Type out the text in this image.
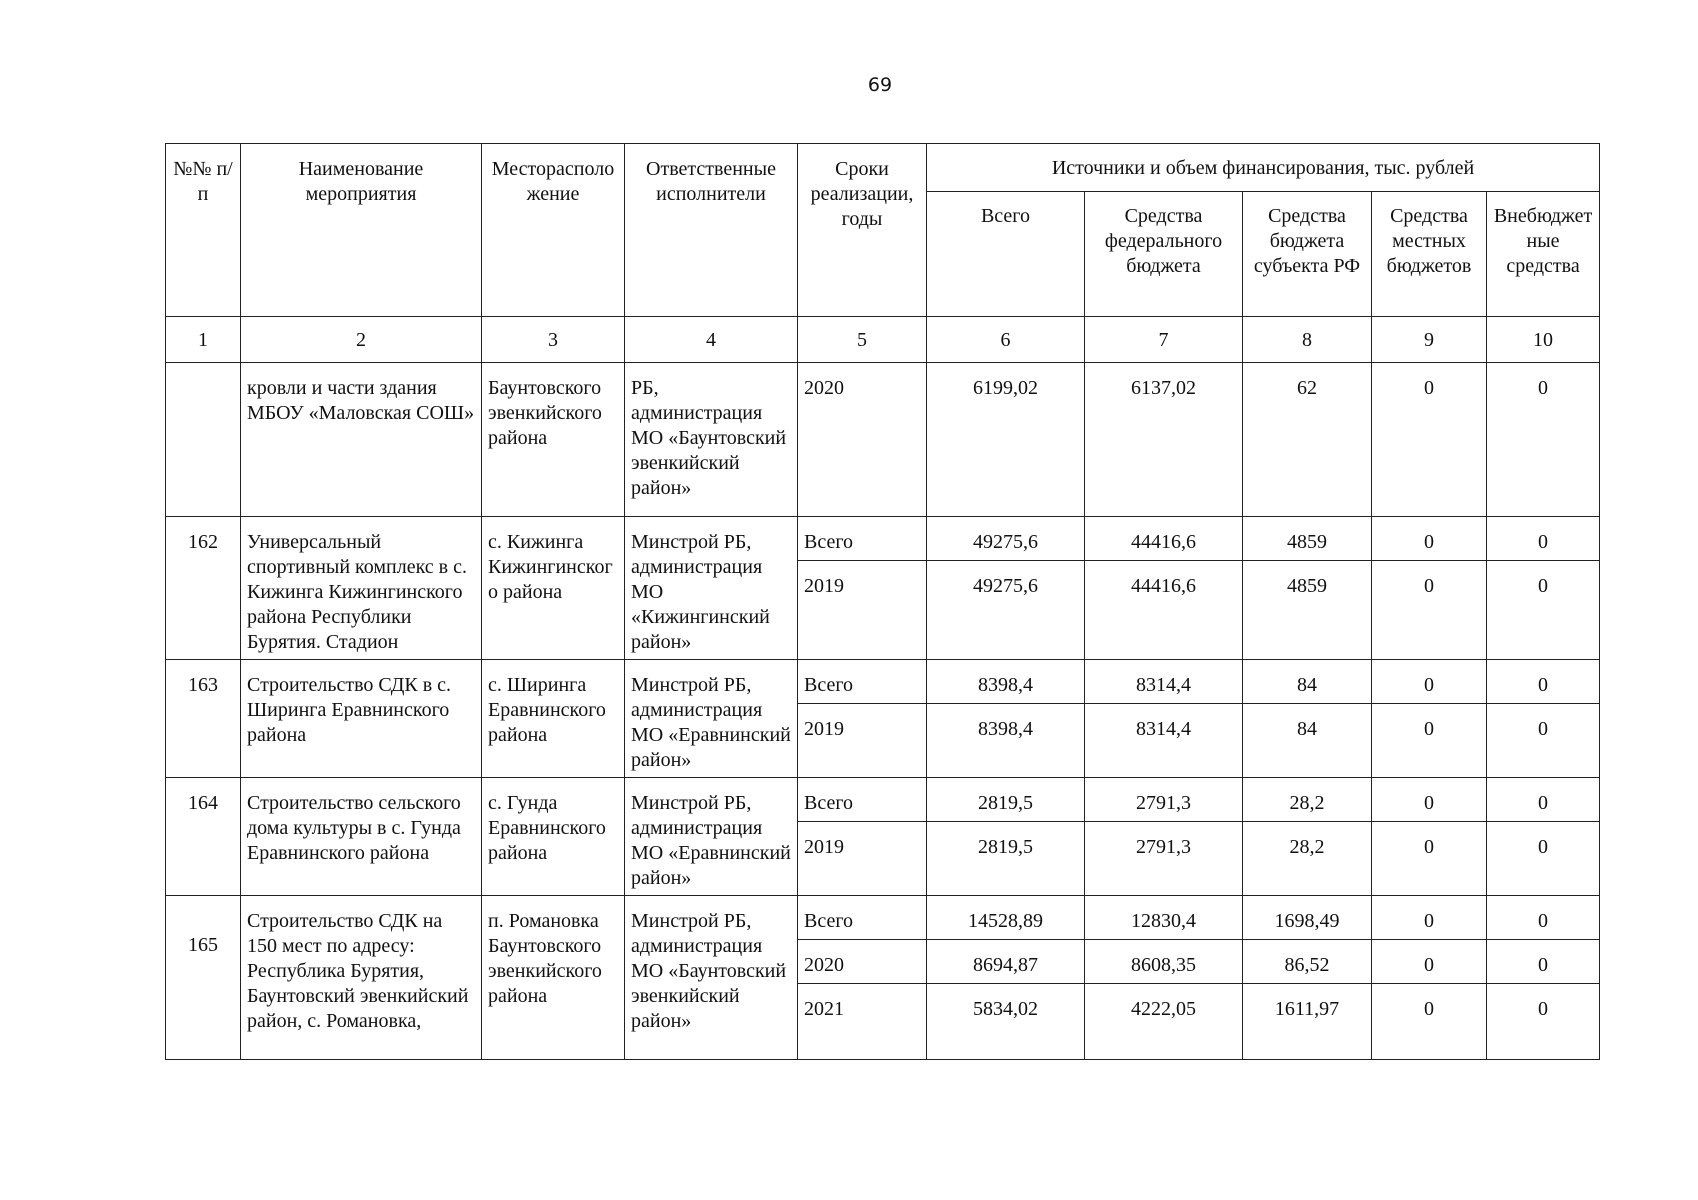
69
№№ п/п	Наименование мероприятия	Месторасположение	Ответственные исполнители	Сроки реализации, годы	Источники и объем финансирования, тыс. рублей				
					Всего	Средства федерального бюджета	Средства бюджета субъекта РФ	Средства местных бюджетов	Внебюджетные средства
1	2	3	4	5	6	7	8	9	10
	кровли и части здания МБОУ «Маловская СОШ»	Баунтовского эвенкийского района	РБ, администрация МО «Баунтовский эвенкийский район»	2020	6199,02	6137,02	62	0	0
162	Универсальный спортивный комплекс в с. Кижинга Кижингинского района Республики Бурятия. Стадион	с. Кижинга Кижингинского района	Минстрой РБ, администрация МО «Кижингинский район»	Всего	49275,6	44416,6	4859	0	0
				2019	49275,6	44416,6	4859	0	0
163	Строительство СДК в с. Ширинга Еравнинского района	с. Ширинга Еравнинского района	Минстрой РБ, администрация МО «Еравнинский район»	Всего	8398,4	8314,4	84	0	0
				2019	8398,4	8314,4	84	0	0
164	Строительство сельского дома культуры в с. Гунда Еравнинского района	с. Гунда Еравнинского района	Минстрой РБ, администрация МО «Еравнинский район»	Всего	2819,5	2791,3	28,2	0	0
				2019	2819,5	2791,3	28,2	0	0
165	Строительство СДК на 150 мест по адресу: Республика Бурятия, Баунтовский эвенкийский район, с. Романовка,	п. Романовка Баунтовского эвенкийского района	Минстрой РБ, администрация МО «Баунтовский эвенкийский район»	Всего	14528,89	12830,4	1698,49	0	0
				2020	8694,87	8608,35	86,52	0	0
				2021	5834,02	4222,05	1611,97	0	0
